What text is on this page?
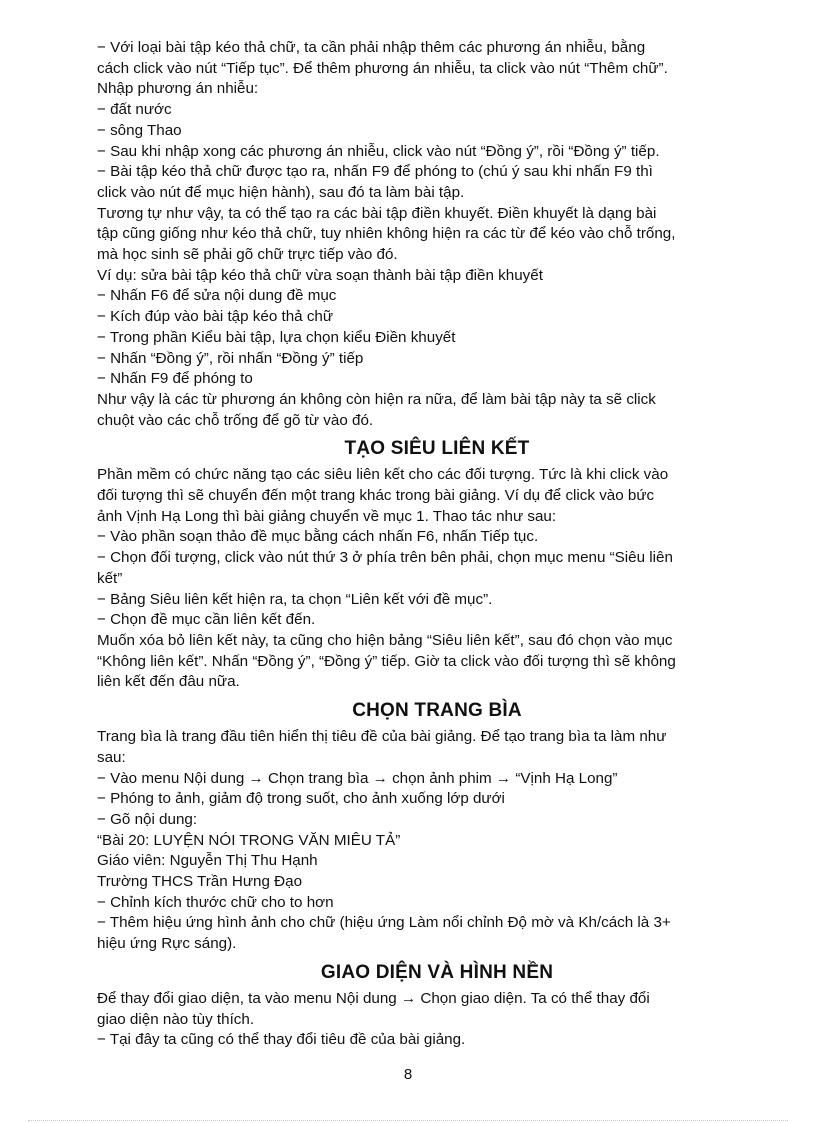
− Với loại bài tập kéo thả chữ, ta cần phải nhập thêm các phương án nhiễu, bằng

cách click vào nút “Tiếp tục”. Để thêm phương án nhiễu, ta click vào nút “Thêm chữ”.

Nhập phương án nhiễu:

− đất nước

− sông Thao

− Sau khi nhập xong các phương án nhiễu, click vào nút “Đồng ý”, rồi “Đồng ý” tiếp.

− Bài tập kéo thả chữ được tạo ra, nhấn F9 để phóng to (chú ý sau khi nhấn F9 thì

click vào nút để mục hiện hành), sau đó ta làm bài tập.

Tương tự như vậy, ta có thể tạo ra các bài tập điền khuyết. Điền khuyết là dạng bài

tập cũng giống như kéo thả chữ, tuy nhiên không hiện ra các từ để kéo vào chỗ trống,

mà học sinh sẽ phải gõ chữ trực tiếp vào đó.

Ví dụ: sửa bài tập kéo thả chữ vừa soạn thành bài tập điền khuyết

− Nhấn F6 để sửa nội dung đề mục

− Kích đúp vào bài tập kéo thả chữ

− Trong phần Kiểu bài tập, lựa chọn kiểu Điền khuyết

− Nhấn “Đồng ý”, rồi nhấn “Đồng ý” tiếp

− Nhấn F9 để phóng to

Như vậy là các từ phương án không còn hiện ra nữa, để làm bài tập này ta sẽ click

chuột vào các chỗ trống để gõ từ vào đó.

TẠO SIÊU LIÊN KẾT

Phần mềm có chức năng tạo các siêu liên kết cho các đối tượng. Tức là khi click vào

đối tượng thì sẽ chuyển đến một trang khác trong bài giảng. Ví dụ để click vào bức

ảnh Vịnh Hạ Long thì bài giảng chuyển về mục 1. Thao tác như sau:

− Vào phần soạn thảo đề mục bằng cách nhấn F6, nhấn Tiếp tục.

− Chọn đối tượng, click vào nút thứ 3 ở phía trên bên phải, chọn mục menu “Siêu liên

kết”

− Bảng Siêu liên kết hiện ra, ta chọn “Liên kết với đề mục”.

− Chọn đề mục cần liên kết đến.

Muốn xóa bỏ liên kết này, ta cũng cho hiện bảng “Siêu liên kết”, sau đó chọn vào mục

“Không liên kết”. Nhấn “Đồng ý”, “Đồng ý” tiếp. Giờ ta click vào đối tượng thì sẽ không

liên kết đến đâu nữa.

CHỌN TRANG BÌA

Trang bìa là trang đầu tiên hiển thị tiêu đề của bài giảng. Để tạo trang bìa ta làm như

sau:

− Vào menu Nội dung → Chọn trang bìa → chọn ảnh phim → “Vịnh Hạ Long”

− Phóng to ảnh, giảm độ trong suốt, cho ảnh xuống lớp dưới

− Gõ nội dung:

“Bài 20: LUYỆN NÓI TRONG VĂN MIÊU TẢ”

Giáo viên: Nguyễn Thị Thu Hạnh

Trường THCS Trần Hưng Đạo

− Chỉnh kích thước chữ cho to hơn

− Thêm hiệu ứng hình ảnh cho chữ (hiệu ứng Làm nổi chỉnh Độ mờ và Kh/cách là 3+

hiệu ứng Rực sáng).

GIAO DIỆN VÀ HÌNH NỀN

Để thay đổi giao diện, ta vào menu Nội dung → Chọn giao diện. Ta có thể thay đổi

giao diện nào tùy thích.

− Tại đây ta cũng có thể thay đổi tiêu đề của bài giảng.

8
